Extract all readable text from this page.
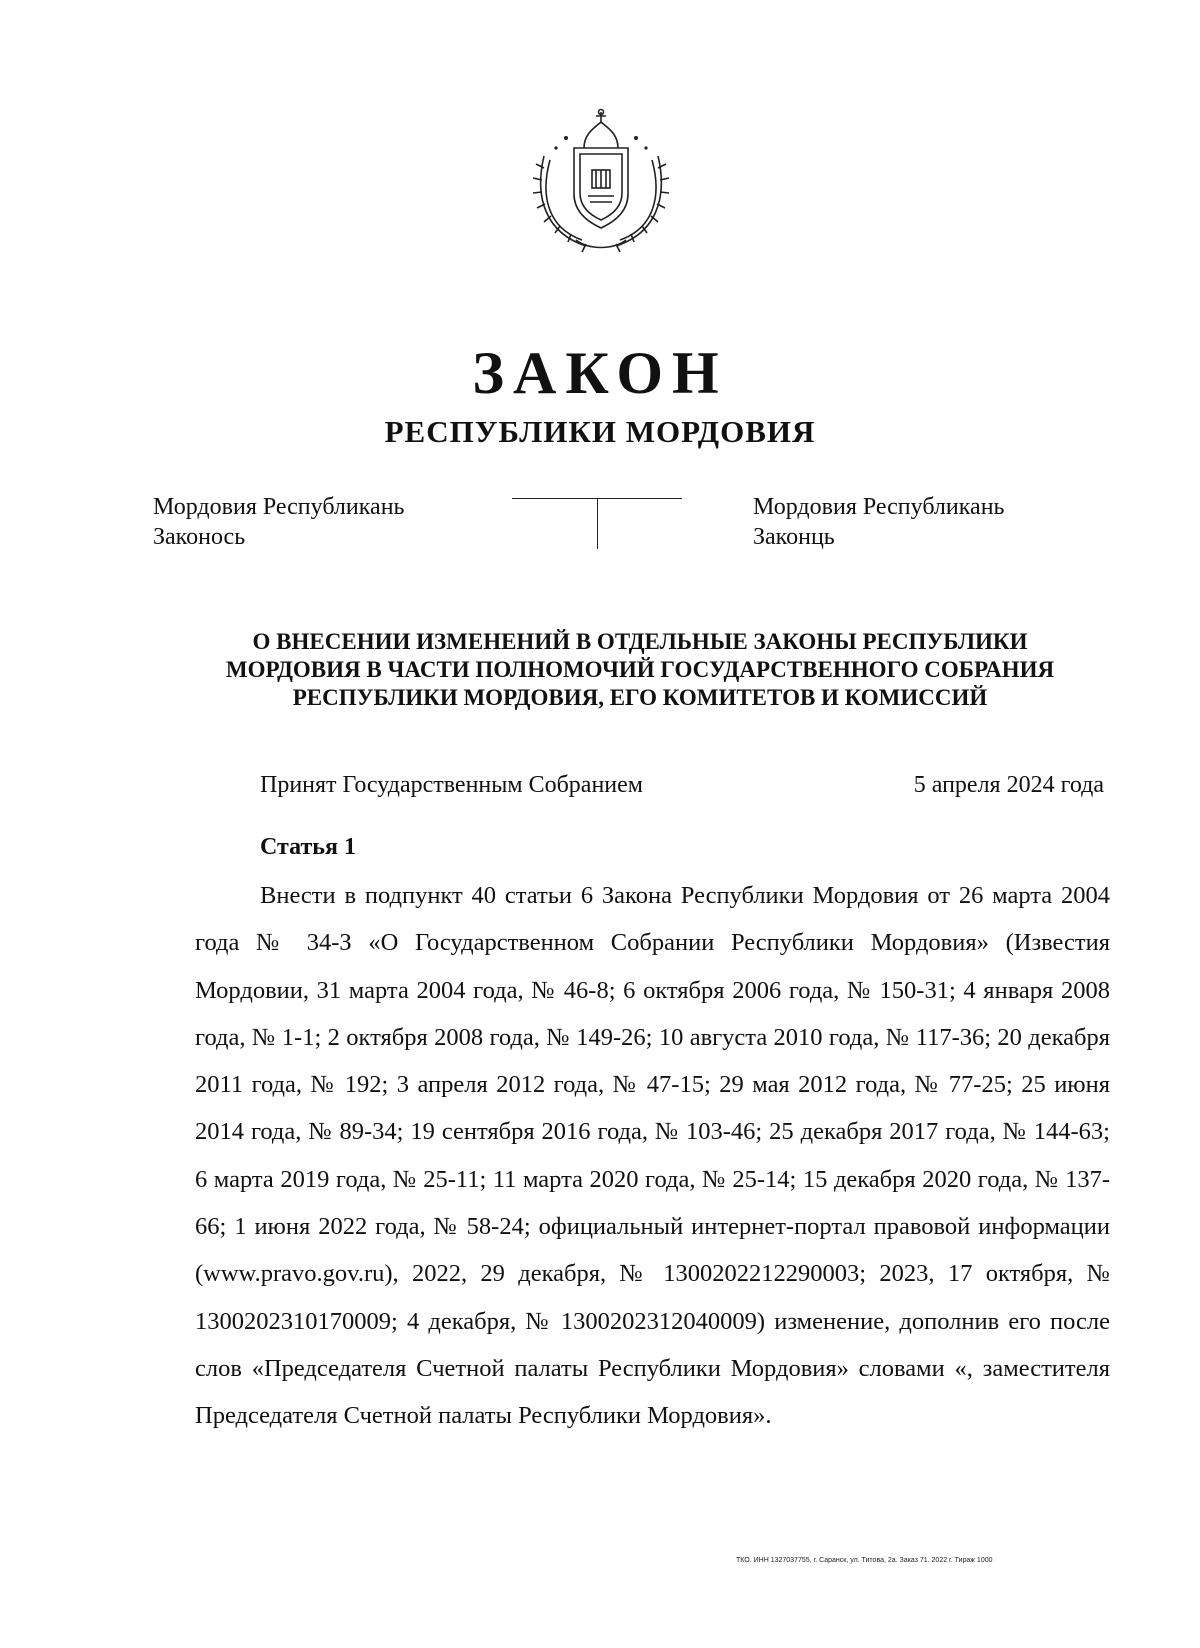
ЗАКОН
РЕСПУБЛИКИ МОРДОВИЯ
Мордовия Республикань
Законось
Мордовия Республикань
Законць
О ВНЕСЕНИИ ИЗМЕНЕНИЙ В ОТДЕЛЬНЫЕ ЗАКОНЫ РЕСПУБЛИКИ
МОРДОВИЯ В ЧАСТИ ПОЛНОМОЧИЙ ГОСУДАРСТВЕННОГО СОБРАНИЯ
РЕСПУБЛИКИ МОРДОВИЯ, ЕГО КОМИТЕТОВ И КОМИССИЙ
Принят Государственным Собранием	5 апреля 2024 года
Статья 1
Внести в подпункт 40 статьи 6 Закона Республики Мордовия от 26 марта 2004 года № 34-З «О Государственном Собрании Республики Мордовия» (Известия Мордовии, 31 марта 2004 года, № 46-8; 6 октября 2006 года, № 150-31; 4 января 2008 года, № 1-1; 2 октября 2008 года, № 149-26; 10 августа 2010 года, № 117-36; 20 декабря 2011 года, № 192; 3 апреля 2012 года, № 47-15; 29 мая 2012 года, № 77-25; 25 июня 2014 года, № 89-34; 19 сентября 2016 года, № 103-46; 25 декабря 2017 года, № 144-63; 6 марта 2019 года, № 25-11; 11 марта 2020 года, № 25-14; 15 декабря 2020 года, № 137-66; 1 июня 2022 года, № 58-24; официальный интернет-портал правовой информации (www.pravo.gov.ru), 2022, 29 декабря, № 1300202212290003; 2023, 17 октября, № 1300202310170009; 4 декабря, № 1300202312040009) изменение, дополнив его после слов «Председателя Счетной палаты Республики Мордовия» словами «, заместителя Председателя Счетной палаты Республики Мордовия».
ТКО. ИНН 1327037755, г. Саранск, ул. Титова, 2а. Заказ 71. 2022 г. Тираж 1000
